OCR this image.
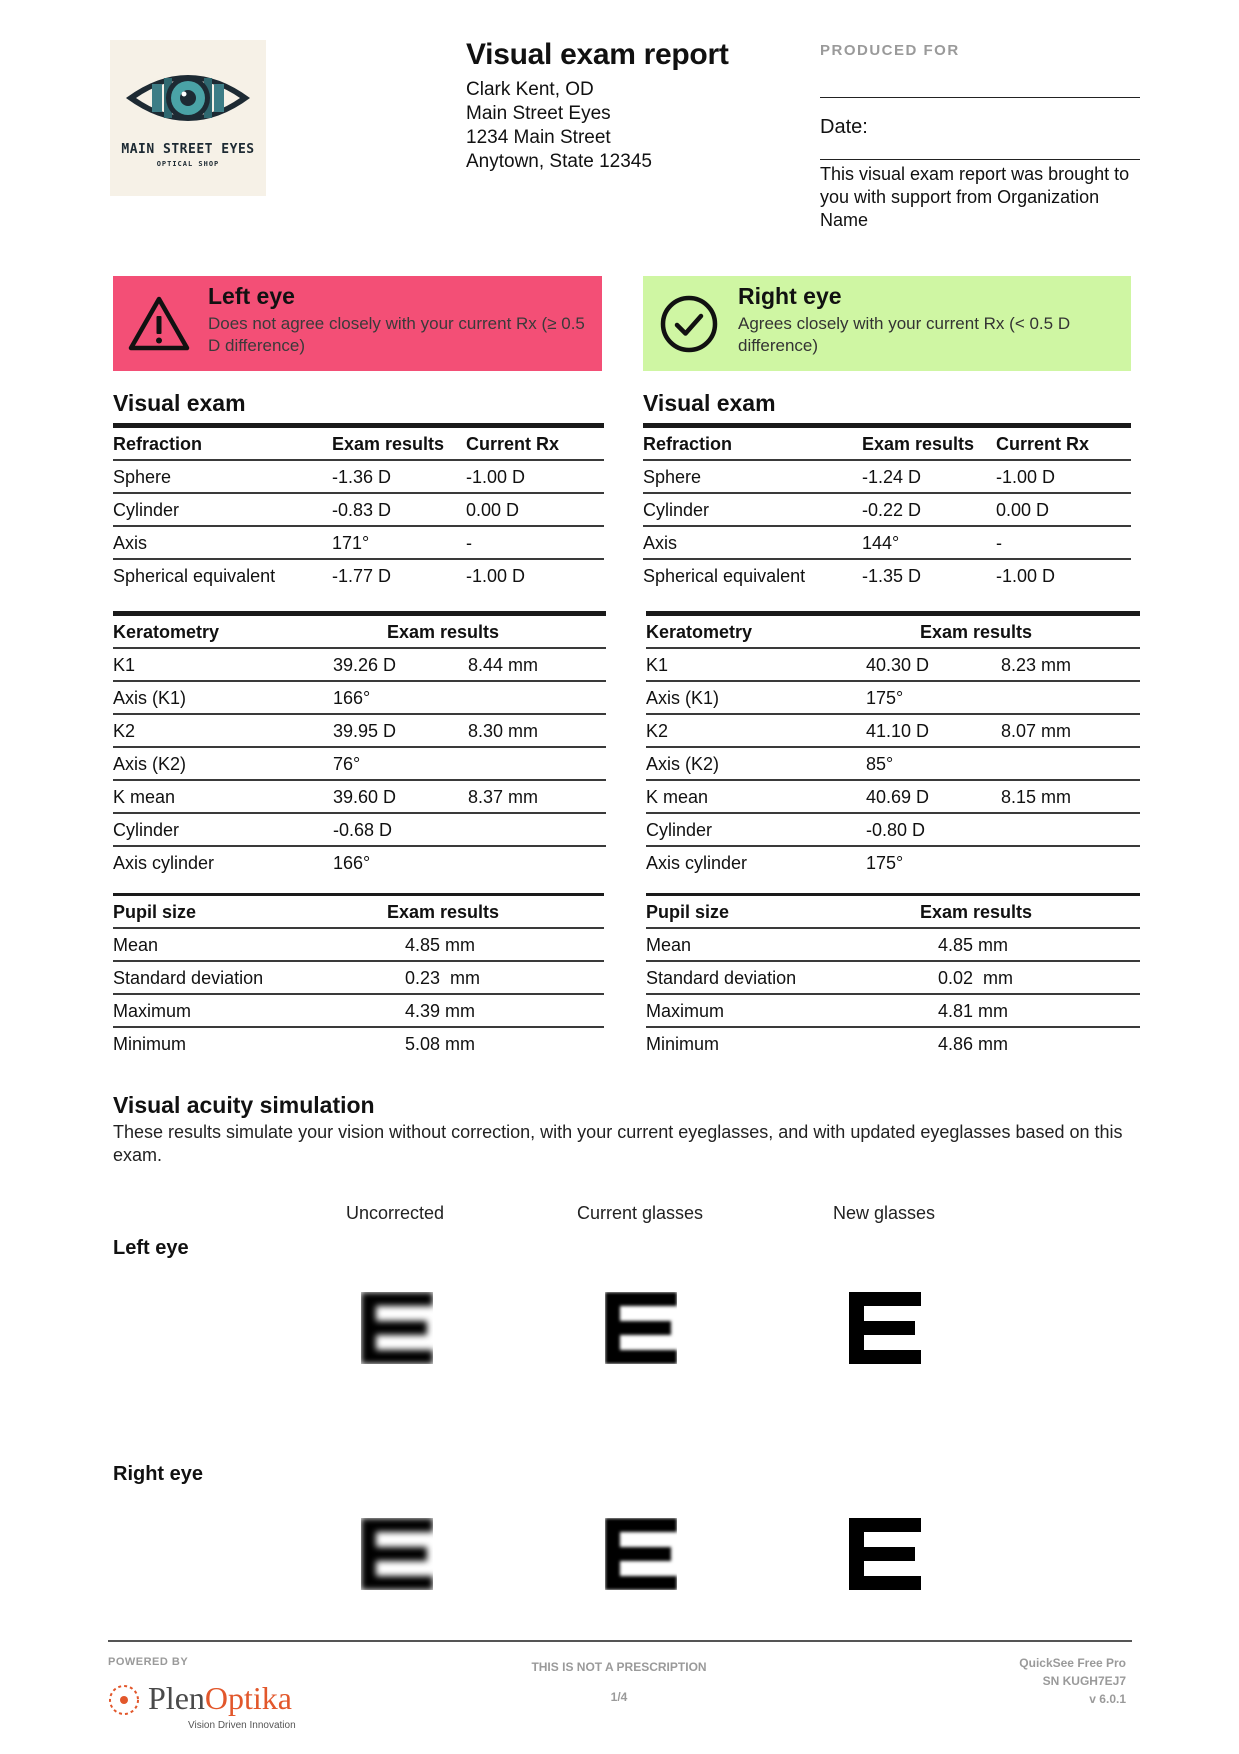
MAIN STREET EYES
OPTICAL SHOP
Visual exam report
Clark Kent, OD
Main Street Eyes
1234 Main Street
Anytown, State 12345
PRODUCED FOR
Date:
This visual exam report was brought to you with support from Organization Name
Left eye
Does not agree closely with your current Rx (≥ 0.5 D difference)
Right eye
Agrees closely with your current Rx (< 0.5 D difference)
Visual exam	Visual exam
Refraction	Exam results Current Rx
Sphere	-1.36 D	-1.00 D
Cylinder	-0.83 D	0.00 D
Axis	171°	-
Spherical equivalent	-1.77 D	-1.00 D
Refraction	Exam results Current Rx
Sphere	-1.24 D	-1.00 D
Cylinder	-0.22 D	0.00 D
Axis	144°	-
Spherical equivalent	-1.35 D	-1.00 D
Keratometry	Exam results
K1	39.26 D	8.44 mm
Axis (K1)	166°
K2	39.95 D	8.30 mm
Axis (K2)	76°
K mean	39.60 D	8.37 mm
Cylinder	-0.68 D
Axis cylinder	166°
Keratometry	Exam results
K1	40.30 D	8.23 mm
Axis (K1)	175°
K2	41.10 D	8.07 mm
Axis (K2)	85°
K mean	40.69 D	8.15 mm
Cylinder	-0.80 D
Axis cylinder	175°
Pupil size	Exam results
Mean	4.85 mm
Standard deviation	0.23  mm
Maximum	4.39 mm
Minimum	5.08 mm
Pupil size	Exam results
Mean	4.85 mm
Standard deviation	0.02  mm
Maximum	4.81 mm
Minimum	4.86 mm
Visual acuity simulation
These results simulate your vision without correction, with your current eyeglasses, and with updated eyeglasses based on this exam.
Uncorrected	Current glasses	New glasses
Left eye
Right eye
POWERED BY
PlenOptika
Vision Driven Innovation
THIS IS NOT A PRESCRIPTION
1/4
QuickSee Free Pro
SN KUGH7EJ7
v 6.0.1
